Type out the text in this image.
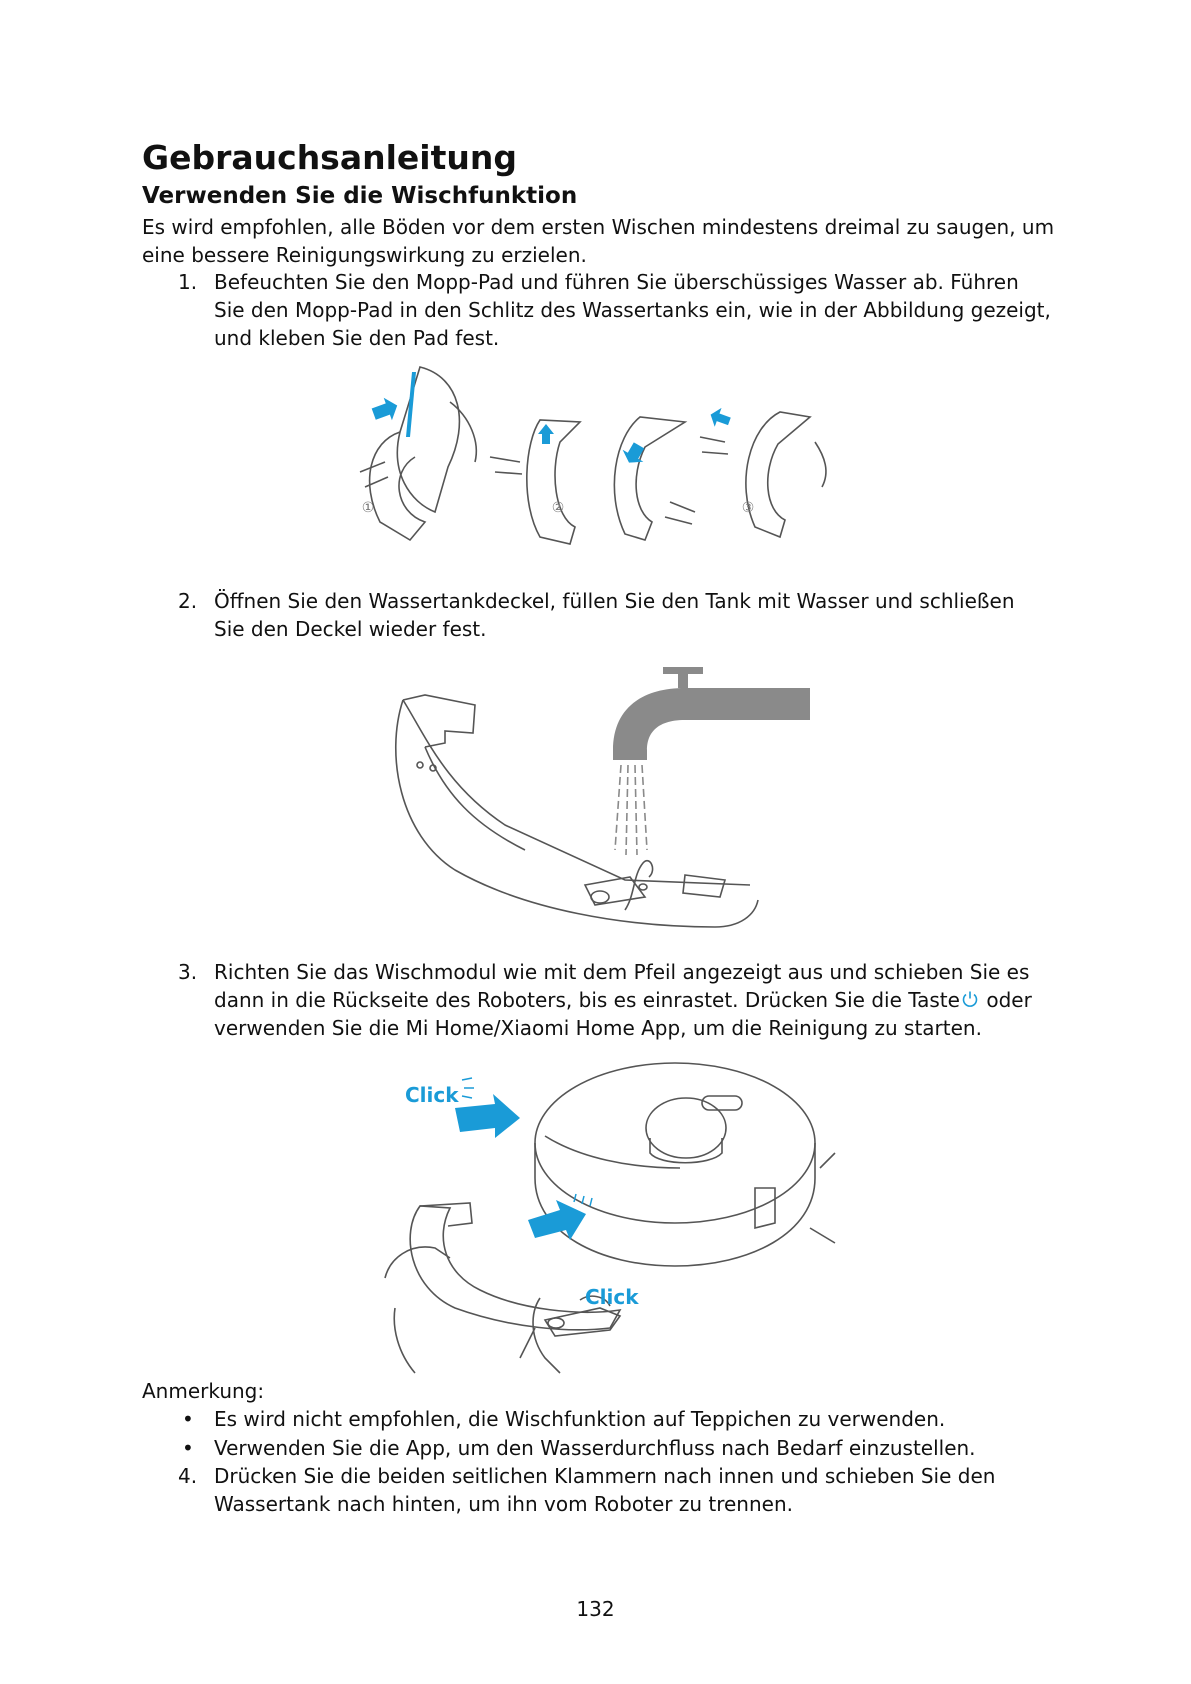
Gebrauchsanleitung
Verwenden Sie die Wischfunktion

Es wird empfohlen, alle Böden vor dem ersten Wischen mindestens dreimal zu saugen, um

eine bessere Reinigungswirkung zu erzielen.

1. Befeuchten Sie den Mopp-Pad und führen Sie überschüssiges Wasser ab. Führen
Sie den Mopp-Pad in den Schlitz des Wassertanks ein, wie in der Abbildung gezeigt,
und kleben Sie den Pad fest.
①	②	③
2. Öffnen Sie den Wassertankdeckel, füllen Sie den Tank mit Wasser und schließen
Sie den Deckel wieder fest.
3. Richten Sie das Wischmodul wie mit dem Pfeil angezeigt aus und schieben Sie es
dann in die Rückseite des Roboters, bis es einrastet. Drücken Sie die Taste oder
verwenden Sie die Mi Home/Xiaomi Home App, um die Reinigung zu starten.
Click
Click

Anmerkung:

• Es wird nicht empfohlen, die Wischfunktion auf Teppichen zu verwenden.
• Verwenden Sie die App, um den Wasserdurchfluss nach Bedarf einzustellen.
4. Drücken Sie die beiden seitlichen Klammern nach innen und schieben Sie den
Wassertank nach hinten, um ihn vom Roboter zu trennen.
132
